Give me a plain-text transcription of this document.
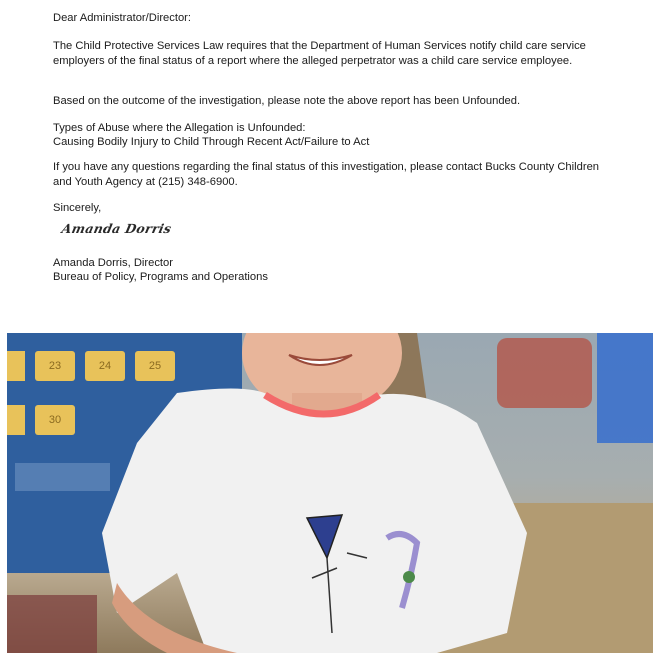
Dear Administrator/Director:

The Child Protective Services Law requires that the Department of Human Services notify child care service employers of the final status of a report where the alleged perpetrator was a child care service employee.

Based on the outcome of the investigation, please note the above report has been Unfounded.

Types of Abuse where the Allegation is Unfounded:

Causing Bodily Injury to Child Through Recent Act/Failure to Act

If you have any questions regarding the final status of this investigation, please contact Bucks County Children and Youth Agency at (215) 348-6900.

Sincerely,

Amanda Dorris

Amanda Dorris, Director

Bureau of Policy, Programs and Operations

23	24	25
30
